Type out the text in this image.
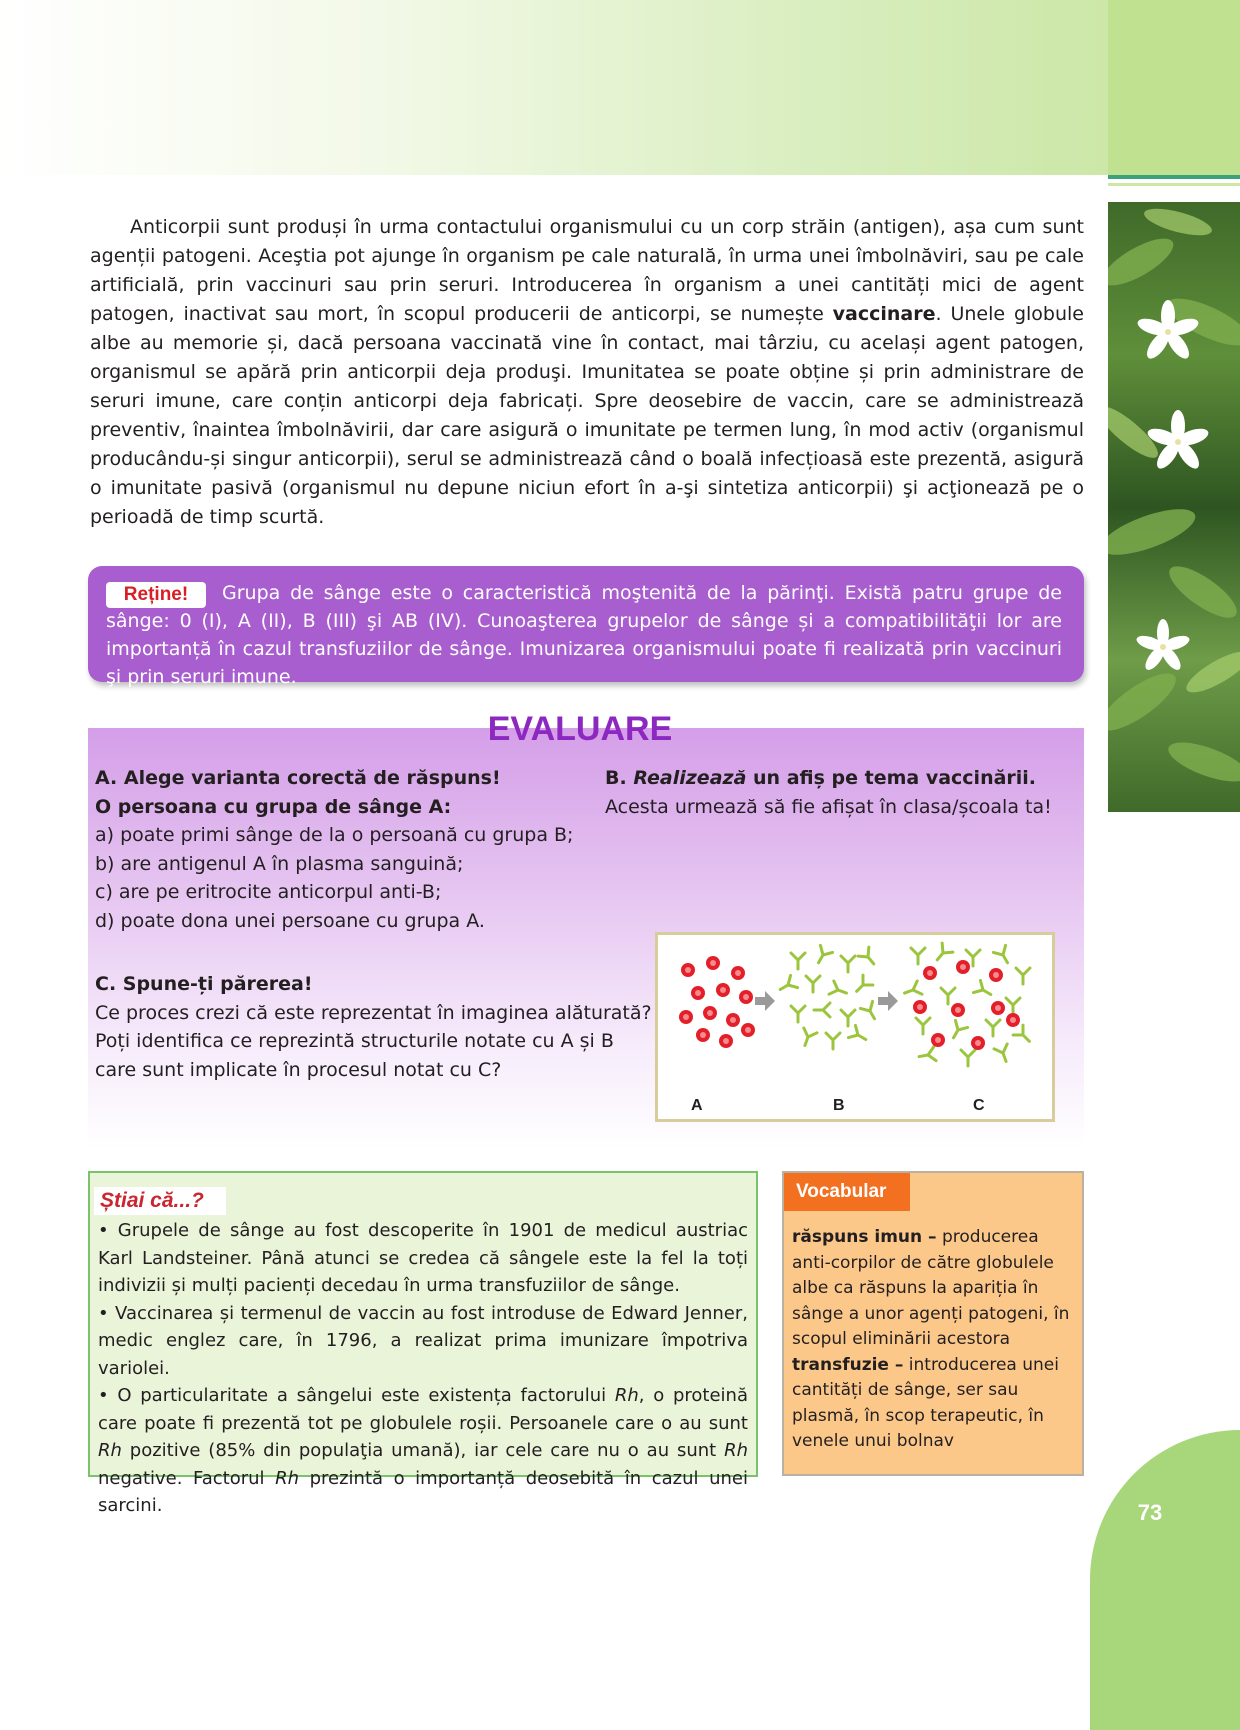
Anticorpii sunt produși în urma contactului organismului cu un corp străin (antigen), așa cum sunt agenții patogeni. Aceştia pot ajunge în organism pe cale naturală, în urma unei îmbolnăviri, sau pe cale artificială, prin vaccinuri sau prin seruri. Introducerea în organism a unei cantități mici de agent patogen, inactivat sau mort, în scopul producerii de anticorpi, se numește vaccinare. Unele globule albe au memorie și, dacă persoana vaccinată vine în contact, mai târziu, cu același agent patogen, organismul se apără prin anticorpii deja produşi. Imunitatea se poate obține și prin administrare de seruri imune, care conțin anticorpi deja fabricați. Spre deosebire de vaccin, care se administrează preventiv, înaintea îmbolnăvirii, dar care asigură o imunitate pe termen lung, în mod activ (organismul producându-și singur anticorpii), serul se administrează când o boală infecțioasă este prezentă, asigură o imunitate pasivă (organismul nu depune niciun efort în a-şi sintetiza anticorpii) şi acţionează pe o perioadă de timp scurtă.

Grupa de sânge este o caracteristică moştenită de la părinţi. Există patru grupe de sânge: 0 (I), A (II), B (III) şi AB (IV). Cunoaşterea grupelor de sânge și a compatibilităţii lor are importanță în cazul transfuziilor de sânge. Imunizarea organismului poate fi realizată prin vaccinuri şi prin seruri imune.

Reține!
EVALUARE
A. Alege varianta corectă de răspuns!
O persoana cu grupa de sânge A:
a) poate primi sânge de la o persoană cu grupa B;
b) are antigenul A în plasma sanguină;
c) are pe eritrocite anticorpul anti-B;
d) poate dona unei persoane cu grupa A.
B. Realizează un afiș pe tema vaccinării.
Acesta urmează să fie afișat în clasa/școala ta!
C. Spune-ți părerea!
Ce proces crezi că este reprezentat în imaginea alăturată?
Poți identifica ce reprezintă structurile notate cu A și B
care sunt implicate în procesul notat cu C?
A	B	C
Știai că...?

• Grupele de sânge au fost descoperite în 1901 de medicul austriac Karl Landsteiner. Până atunci se credea că sângele este la fel la toți indivizii și mulți pacienți decedau în urma transfuziilor de sânge.
• Vaccinarea și termenul de vaccin au fost introduse de Edward Jenner, medic englez care, în 1796, a realizat prima imunizare împotriva variolei.
• O particularitate a sângelui este existența factorului Rh, o proteină care poate fi prezentă tot pe globulele roșii. Persoanele care o au sunt Rh pozitive (85% din populaţia umană), iar cele care nu o au sunt Rh negative. Factorul Rh prezintă o importanță deosebită în cazul unei sarcini.

Vocabular

răspuns imun – producerea anti-corpilor de către globulele albe ca răspuns la apariția în sânge a unor agenți patogeni, în scopul eliminării acestora
transfuzie – introducerea unei cantități de sânge, ser sau plasmă, în scop terapeutic, în venele unui bolnav

73
